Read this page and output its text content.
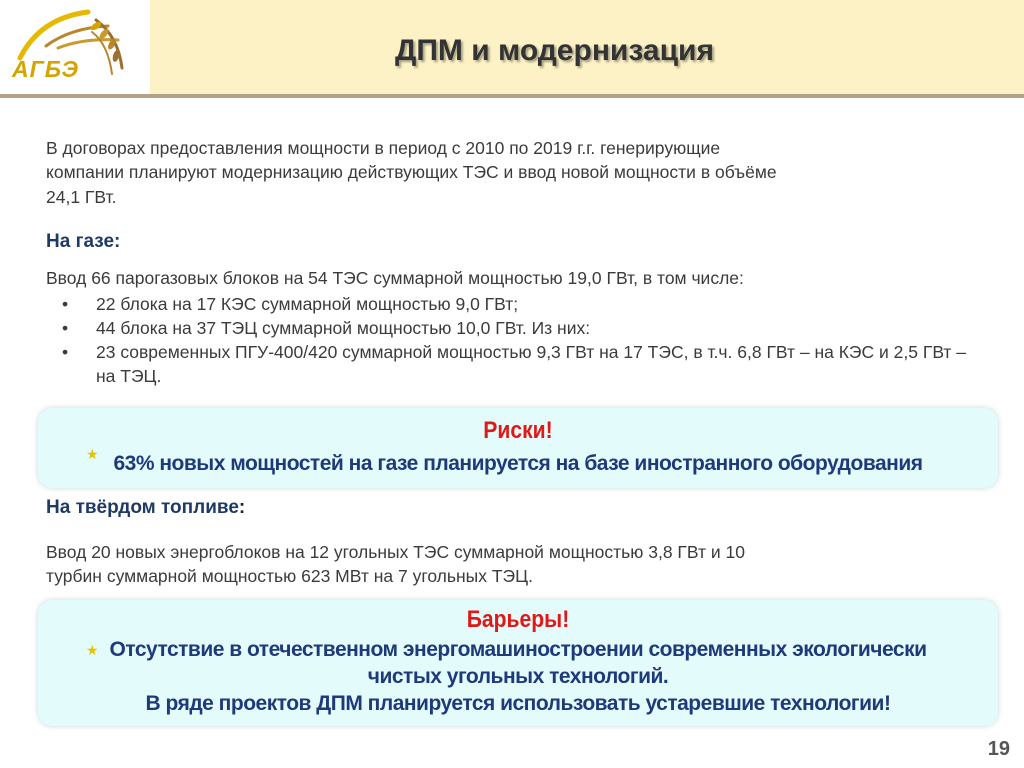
АГБЭ
ДПМ и модернизация
В договорах предоставления мощности в период с 2010 по 2019 г.г. генерирующие
компании планируют модернизацию действующих ТЭС и ввод новой мощности в объёме
24,1 ГВт.
На газе:
Ввод 66 парогазовых блоков на 54 ТЭС суммарной мощностью 19,0 ГВт, в том числе:
• 22 блока на 17 КЭС суммарной мощностью 9,0 ГВт;
• 44 блока на 37 ТЭЦ суммарной мощностью 10,0 ГВт. Из них:
• 23 современных ПГУ-400/420 суммарной мощностью 9,3 ГВт на 17 ТЭС, в т.ч. 6,8 ГВт – на КЭС и 2,5 ГВт – на ТЭЦ.
★
Риски!
63% новых мощностей на газе планируется на базе иностранного оборудования
На твёрдом топливе:
Ввод 20 новых энергоблоков на 12 угольных ТЭС суммарной мощностью 3,8 ГВт и 10
турбин суммарной мощностью 623 МВт на 7 угольных ТЭЦ.
★
Барьеры!
Отсутствие в отечественном энергомашиностроении современных экологически
чистых угольных технологий.
В ряде проектов ДПМ планируется использовать устаревшие технологии!
19
